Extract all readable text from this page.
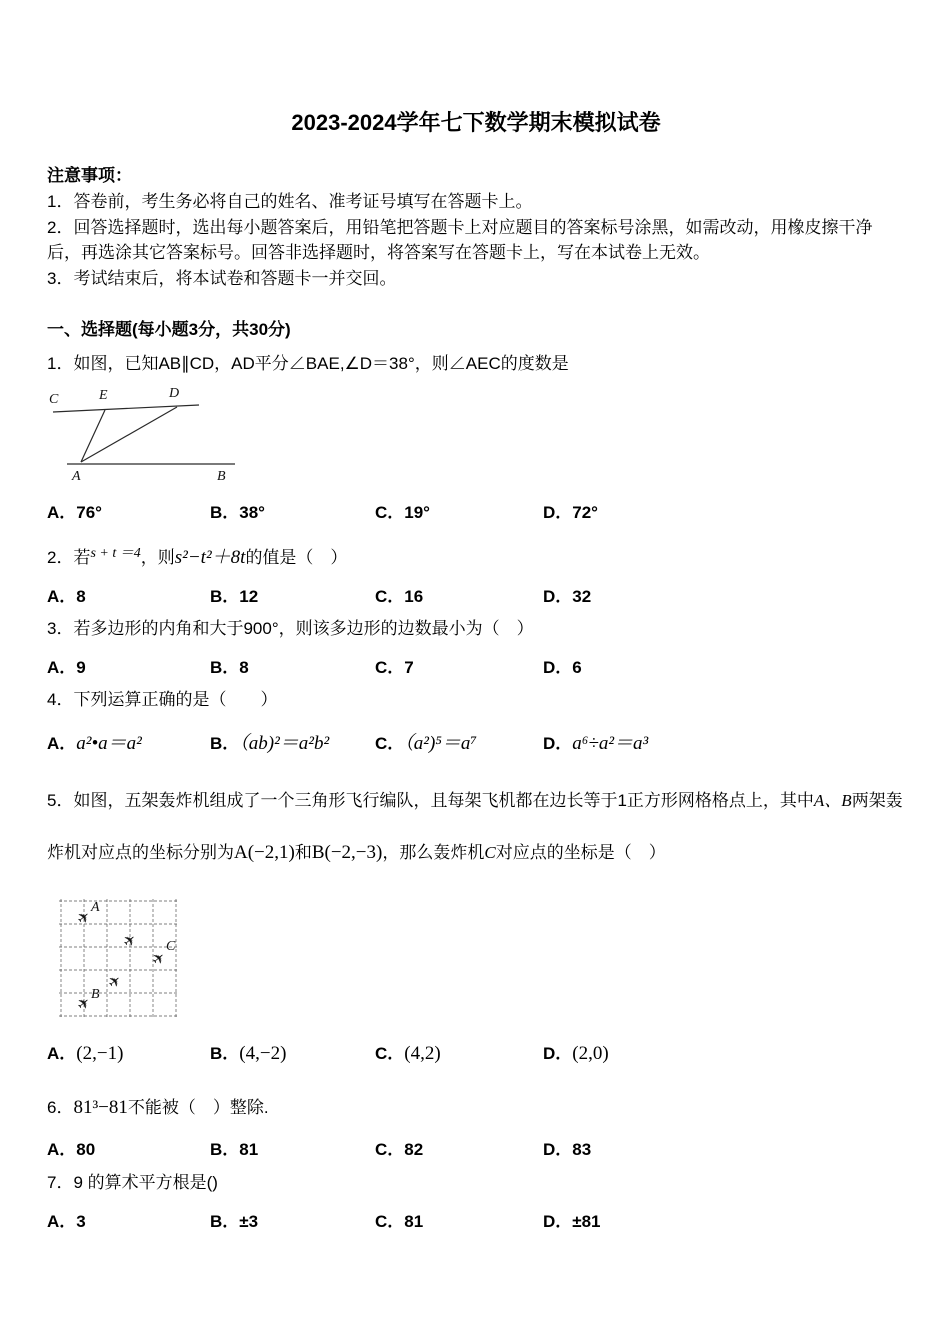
2023-2024学年七下数学期末模拟试卷
注意事项：
1．答卷前，考生务必将自己的姓名、准考证号填写在答题卡上。
2．回答选择题时，选出每小题答案后，用铅笔把答题卡上对应题目的答案标号涂黑，如需改动，用橡皮擦干净后，再选涂其它答案标号。回答非选择题时，将答案写在答题卡上，写在本试卷上无效。
3．考试结束后，将本试卷和答题卡一并交回。
一、选择题(每小题3分，共30分)
1．如图，已知AB∥CD，AD平分∠BAE,∠D＝38°，则∠AEC的度数是
C	E	D
A	B
A．76°	B．38°	C．19°	D．72°
2．若$^{s + t =4}$，则s²−t²＋8t的值是（　）
A．8	B．12	C．16	D．32
3．若多边形的内角和大于900°，则该多边形的边数最小为（　）
A．9	B．8	C．7	D．6
4．下列运算正确的是（　　）
A．a²•a＝a²	B．（ab)²＝a²b²	C．（a²)⁵＝a⁷	D．a⁶÷a²＝a³
5．如图，五架轰炸机组成了一个三角形飞行编队，且每架飞机都在边长等于1正方形网格格点上，其中A、B两架轰炸机对应点的坐标分别为A(−2,1)和B(−2,−3)，那么轰炸机C对应点的坐标是（　）
✈
✈
✈
✈
✈
A
C
B
A．(2,−1)	B．(4,−2)	C．(4,2)	D．(2,0)
6．81³−81不能被（　）整除.
A．80	B．81	C．82	D．83
7．9 的算术平方根是()
A．3	B．±3	C．81	D．±81
